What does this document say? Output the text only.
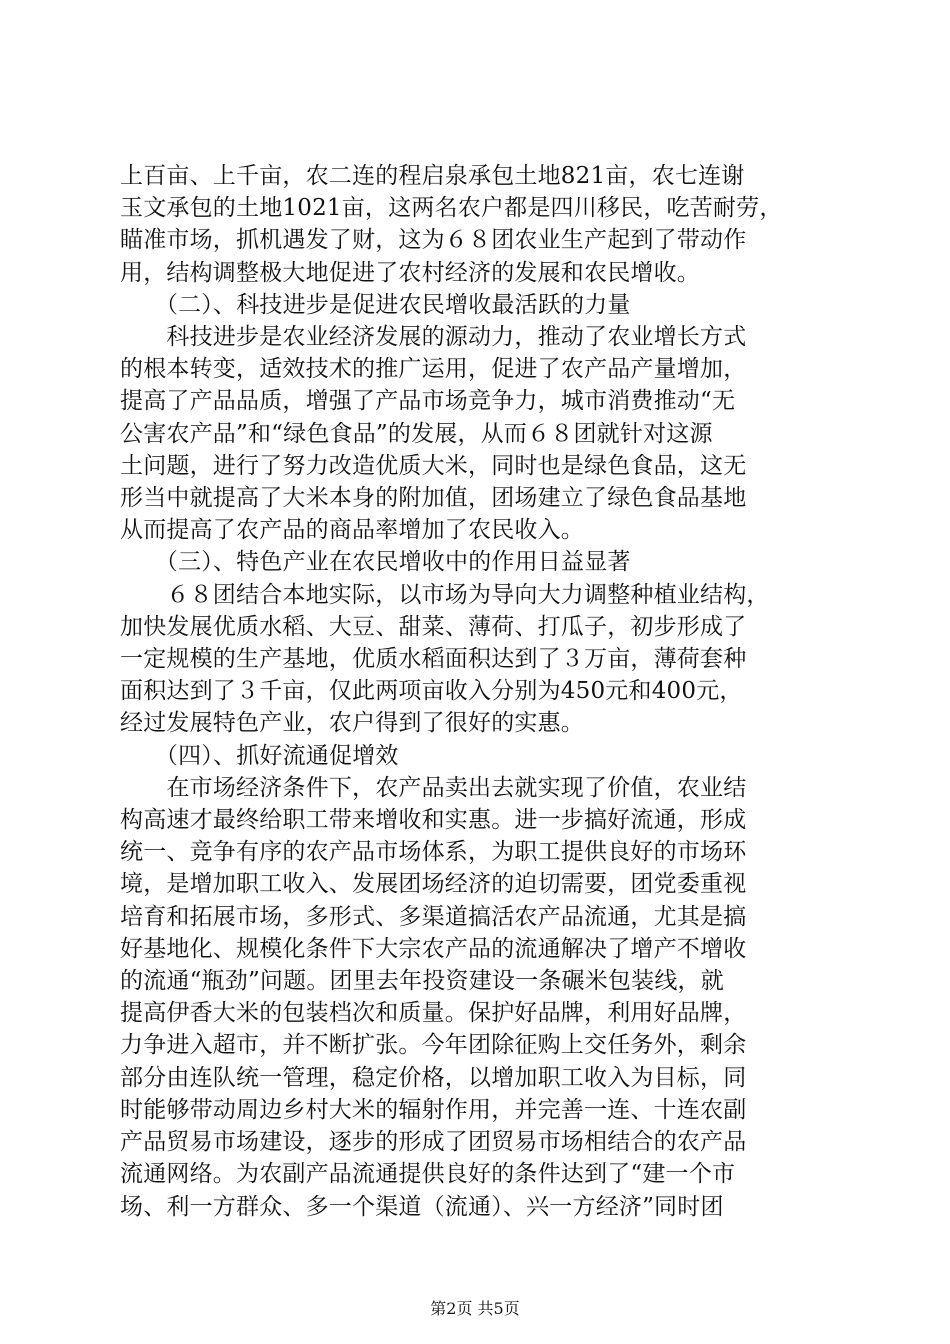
上百亩、上千亩，农二连的程启泉承包土地821亩，农七连谢
玉文承包的土地1021亩，这两名农户都是四川移民，吃苦耐劳，
瞄准市场，抓机遇发了财，这为６８团农业生产起到了带动作
用，结构调整极大地促进了农村经济的发展和农民增收。
　　（二）、科技进步是促进农民增收最活跃的力量
　　科技进步是农业经济发展的源动力，推动了农业增长方式
的根本转变，适效技术的推广运用，促进了农产品产量增加，
提高了产品品质，增强了产品市场竞争力，城市消费推动“无
公害农产品”和“绿色食品”的发展，从而６８团就针对这源
土问题，进行了努力改造优质大米，同时也是绿色食品，这无
形当中就提高了大米本身的附加值，团场建立了绿色食品基地
从而提高了农产品的商品率增加了农民收入。
　　（三）、特色产业在农民增收中的作用日益显著
　　６８团结合本地实际，以市场为导向大力调整种植业结构，
加快发展优质水稻、大豆、甜菜、薄荷、打瓜子，初步形成了
一定规模的生产基地，优质水稻面积达到了３万亩，薄荷套种
面积达到了３千亩，仅此两项亩收入分别为450元和400元，
经过发展特色产业，农户得到了很好的实惠。
　　（四）、抓好流通促增效
　　在市场经济条件下，农产品卖出去就实现了价值，农业结
构高速才最终给职工带来增收和实惠。进一步搞好流通，形成
统一、竞争有序的农产品市场体系，为职工提供良好的市场环
境，是增加职工收入、发展团场经济的迫切需要，团党委重视
培育和拓展市场，多形式、多渠道搞活农产品流通，尤其是搞
好基地化、规模化条件下大宗农产品的流通解决了增产不增收
的流通“瓶劲”问题。团里去年投资建设一条碾米包装线，就
提高伊香大米的包装档次和质量。保护好品牌，利用好品牌，
力争进入超市，并不断扩张。今年团除征购上交任务外，剩余
部分由连队统一管理，稳定价格，以增加职工收入为目标，同
时能够带动周边乡村大米的辐射作用，并完善一连、十连农副
产品贸易市场建设，逐步的形成了团贸易市场相结合的农产品
流通网络。为农副产品流通提供良好的条件达到了“建一个市
场、利一方群众、多一个渠道（流通）、兴一方经济”同时团
第2页 共5页
